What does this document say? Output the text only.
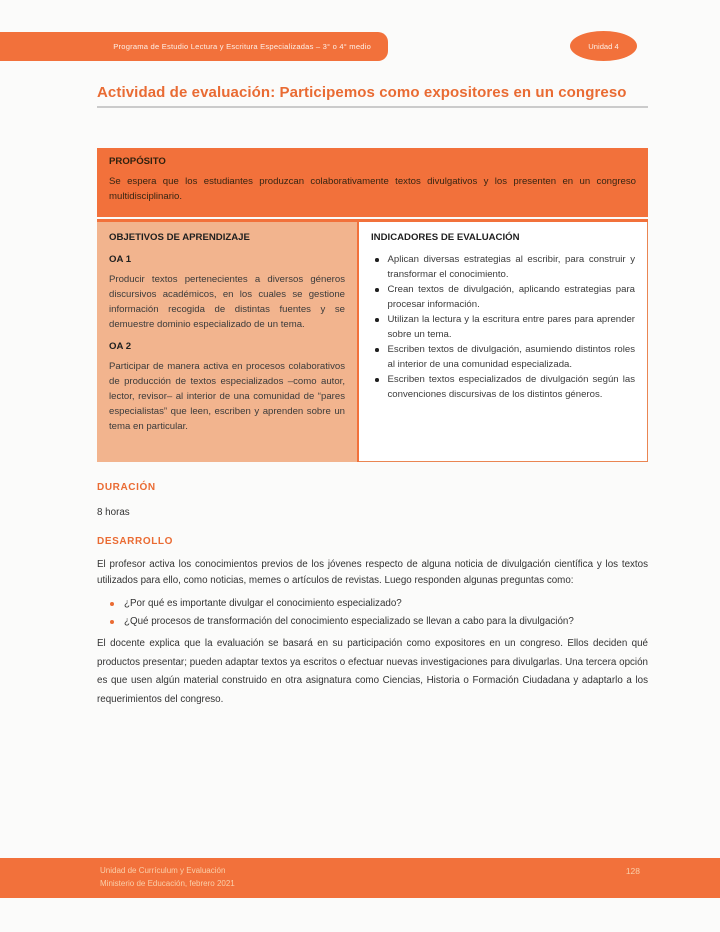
Programa de Estudio Lectura y Escritura Especializadas – 3° o 4° medio	Unidad 4
Actividad de evaluación: Participemos como expositores en un congreso
PROPÓSITO

Se espera que los estudiantes produzcan colaborativamente textos divulgativos y los presenten en un congreso multidisciplinario.

OBJETIVOS DE APRENDIZAJE
OA 1

Producir textos pertenecientes a diversos géneros discursivos académicos, en los cuales se gestione información recogida de distintas fuentes y se demuestre dominio especializado de un tema.

OA 2

Participar de manera activa en procesos colaborativos de producción de textos especializados –como autor, lector, revisor– al interior de una comunidad de “pares especialistas” que leen, escriben y aprenden sobre un tema en particular.

INDICADORES DE EVALUACIÓN

Aplican diversas estrategias al escribir, para construir y transformar el conocimiento.

Crean textos de divulgación, aplicando estrategias para procesar información.

Utilizan la lectura y la escritura entre pares para aprender sobre un tema.

Escriben textos de divulgación, asumiendo distintos roles al interior de una comunidad especializada.

Escriben textos especializados de divulgación según las convenciones discursivas de los distintos géneros.

DURACIÓN
8 horas
DESARROLLO

El profesor activa los conocimientos previos de los jóvenes respecto de alguna noticia de divulgación científica y los textos utilizados para ello, como noticias, memes o artículos de revistas. Luego responden algunas preguntas como:

¿Por qué es importante divulgar el conocimiento especializado?

¿Qué procesos de transformación del conocimiento especializado se llevan a cabo para la divulgación?

El docente explica que la evaluación se basará en su participación como expositores en un congreso. Ellos deciden qué productos presentar; pueden adaptar textos ya escritos o efectuar nuevas investigaciones para divulgarlas. Una tercera opción es que usen algún material construido en otra asignatura como Ciencias, Historia o Formación Ciudadana y adaptarlo a los requerimientos del congreso.

Unidad de Currículum y Evaluación
Ministerio de Educación, febrero 2021
128
